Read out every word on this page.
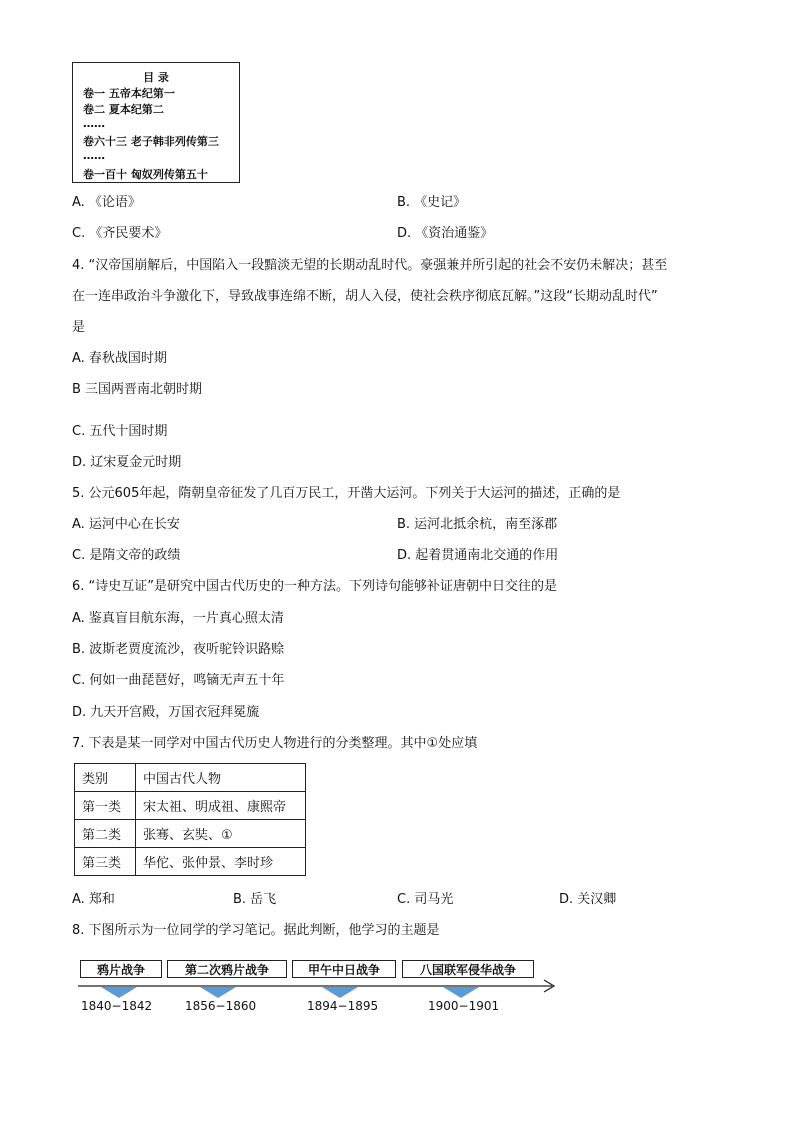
目 录
卷一 五帝本纪第一
卷二 夏本纪第二
……
卷六十三 老子韩非列传第三
……
卷一百十 匈奴列传第五十
A. 《论语》	B. 《史记》
C. 《齐民要术》	D. 《资治通鉴》
4. “汉帝国崩解后，中国陷入一段黯淡无望的长期动乱时代。豪强兼并所引起的社会不安仍未解决；甚至
在一连串政治斗争激化下，导致战事连绵不断，胡人入侵，使社会秩序彻底瓦解。”这段“长期动乱时代”
是
A. 春秋战国时期
B 三国两晋南北朝时期
C. 五代十国时期
D. 辽宋夏金元时期
5. 公元605年起，隋朝皇帝征发了几百万民工，开凿大运河。下列关于大运河的描述，正确的是
A. 运河中心在长安	B. 运河北抵余杭，南至涿郡
C. 是隋文帝的政绩	D. 起着贯通南北交通的作用
6. “诗史互证”是研究中国古代历史的一种方法。下列诗句能够补证唐朝中日交往的是
A. 鉴真盲目航东海，一片真心照太清
B. 波斯老贾度流沙，夜听驼铃识路赊
C. 何如一曲琵琶好，鸣镝无声五十年
D. 九天开宫殿，万国衣冠拜冕旒
7. 下表是某一同学对中国古代历史人物进行的分类整理。其中①处应填
类别	中国古代人物
第一类	宋太祖、明成祖、康熙帝
第二类	张骞、玄奘、①
第三类	华佗、张仲景、李时珍
A. 郑和	B. 岳飞	C. 司马光	D. 关汉卿
8. 下图所示为一位同学的学习笔记。据此判断，他学习的主题是
鸦片战争	第二次鸦片战争	甲午中日战争	八国联军侵华战争
1840−1842	1856−1860	1894−1895	1900−1901
